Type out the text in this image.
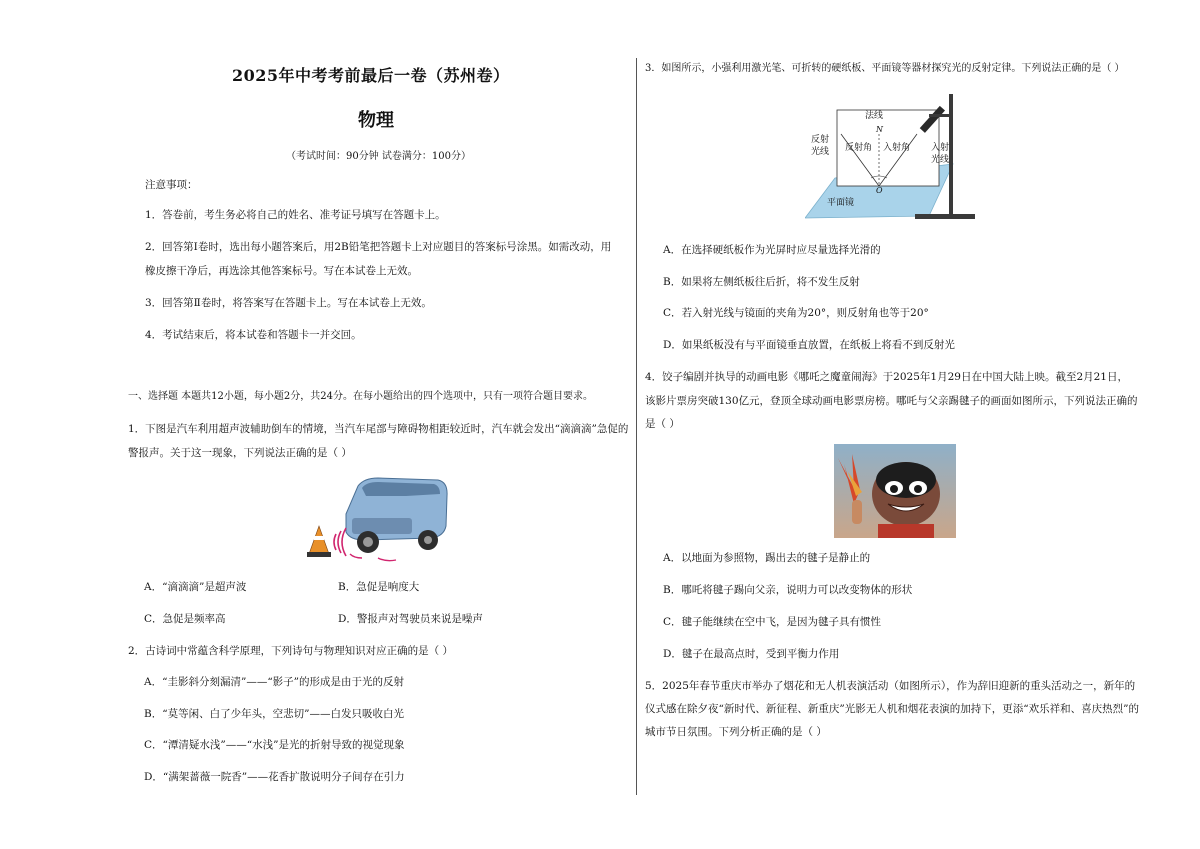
2025年中考考前最后一卷（苏州卷）
物理
（考试时间：90分钟 试卷满分：100分）
注意事项：
1．答卷前，考生务必将自己的姓名、准考证号填写在答题卡上。
2．回答第Ⅰ卷时，选出每小题答案后，用2B铅笔把答题卡上对应题目的答案标号涂黑。如需改动，用
橡皮擦干净后，再选涂其他答案标号。写在本试卷上无效。
3．回答第Ⅱ卷时，将答案写在答题卡上。写在本试卷上无效。
4．考试结束后，将本试卷和答题卡一并交回。
一、选择题 本题共12小题，每小题2分，共24分。在每小题给出的四个选项中，只有一项符合题目要求。
1．下图是汽车利用超声波辅助倒车的情境，当汽车尾部与障碍物相距较近时，汽车就会发出“滴滴滴”急促的
警报声。关于这一现象，下列说法正确的是（ ）
A．“滴滴滴”是超声波	B．急促是响度大
C．急促是频率高	D．警报声对驾驶员来说是噪声
2．古诗词中常蕴含科学原理，下列诗句与物理知识对应正确的是（ ）
A．“圭影斜分刻漏清”——“影子”的形成是由于光的反射
B．“莫等闲、白了少年头，空悲切”——白发只吸收白光
C．“潭清疑水浅”——“水浅”是光的折射导致的视觉现象
D．“满架蔷薇一院香”——花香扩散说明分子间存在引力
3．如图所示，小强利用激光笔、可折转的硬纸板、平面镜等器材探究光的反射定律。下列说法正确的是（ ）
法线
N
反射
光线 反射角 入射角 入射
光线
O
平面镜
A．在选择硬纸板作为光屏时应尽量选择光滑的
B．如果将左侧纸板往后折，将不发生反射
C．若入射光线与镜面的夹角为20°，则反射角也等于20°
D．如果纸板没有与平面镜垂直放置，在纸板上将看不到反射光
4．饺子编剧并执导的动画电影《哪吒之魔童闹海》于2025年1月29日在中国大陆上映。截至2月21日，
该影片票房突破130亿元，登顶全球动画电影票房榜。哪吒与父亲踢毽子的画面如图所示，下列说法正确的
是（ ）
A．以地面为参照物，踢出去的毽子是静止的
B．哪吒将毽子踢向父亲，说明力可以改变物体的形状
C．毽子能继续在空中飞，是因为毽子具有惯性
D．毽子在最高点时，受到平衡力作用
5．2025年春节重庆市举办了烟花和无人机表演活动（如图所示），作为辞旧迎新的重头活动之一，新年的
仪式感在除夕夜“新时代、新征程、新重庆”光影无人机和烟花表演的加持下，更添“欢乐祥和、喜庆热烈”的
城市节日氛围。下列分析正确的是（ ）
